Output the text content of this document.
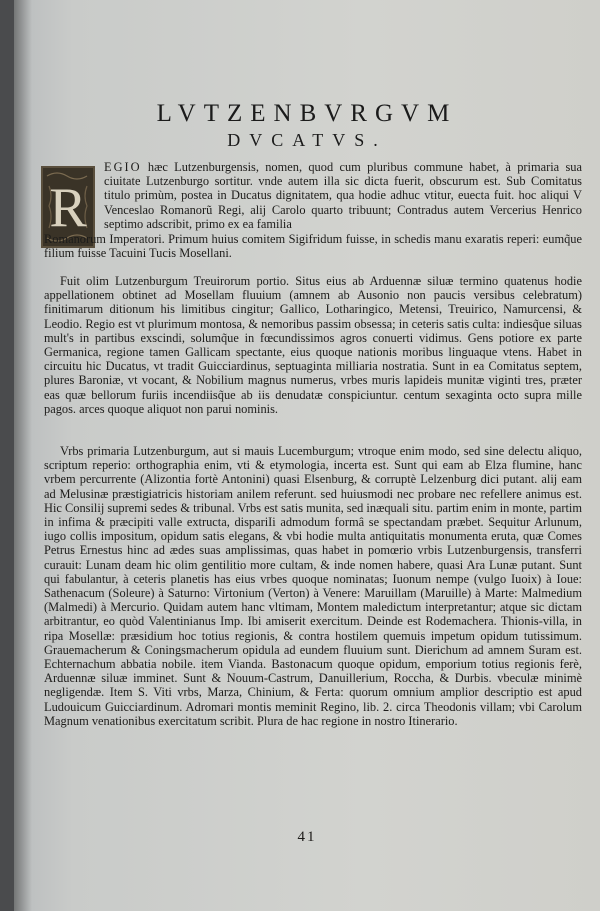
LVTZENBVRGVM
DVCATVS.
R
EGIO hæc Lutzenburgensis, nomen, quod cum pluribus commune habet, à primaria sua ciuitate Lutzenburgo sortitur. vnde autem illa sic dicta fuerit, obscurum est. Sub Comitatus titulo primùm, postea in Ducatus dignitatem, qua hodie adhuc vtitur, euecta fuit. hoc aliqui V Venceslao Romanorũ Regi, alij Carolo quarto tribuunt; Contradus autem Vercerius Henrico septimo adscribit, primo ex ea familia
Romanorum Imperatori. Primum huius comitem Sigifridum fuisse, in schedis manu exaratis reperi: eumq̃ue filium fuisse Tacuini Tucis Mosellani.
Fuit olim Lutzenburgum Treuirorum portio. Situs eius ab Arduennæ siluæ termino quatenus hodie appellationem obtinet ad Mosellam fluuium (amnem ab Ausonio non paucis versibus celebratum) finitimarum ditionum his limitibus cingitur; Gallico, Lotharingico, Metensi, Treuirico, Namurcensi, & Leodio. Regio est vt plurimum montosa, & nemoribus passim obsessa; in ceteris satis culta: indiesq̃ue siluas mult's in partibus exscindi, solumq̃ue in fœcundissimos agros conuerti vidimus. Gens potiore ex parte Germanica, regione tamen Gallicam spectante, eius quoque nationis moribus linguaque vtens. Habet in circuitu hic Ducatus, vt tradit Guicciardinus, septuaginta milliaria nostratia. Sunt in ea Comitatus septem, plures Baroniæ, vt vocant, & Nobilium magnus numerus, vrbes muris lapideis munitæ viginti tres, præter eas quæ bellorum furiis incendiisq̃ue ab iis denudatæ conspiciuntur. centum sexaginta octo supra mille pagos. arces quoque aliquot non parui nominis.
Vrbs primaria Lutzenburgum, aut si mauis Lucemburgum; vtroque enim modo, sed sine delectu aliquo, scriptum reperio: orthographia enim, vti & etymologia, incerta est. Sunt qui eam ab Elza flumine, hanc vrbem percurrente (Alizontia fortè Antonini) quasi Elsenburg, & corruptè Lelzenburg dici putant. alij eam ad Melusinæ præstigiatricis historiam anilem referunt. sed huiusmodi nec probare nec refellere animus est. Hic Consilij supremi sedes & tribunal. Vrbs est satis munita, sed inæquali situ. partim enim in monte, partim in infima & præcipiti valle extructa, dispariIi admodum formâ se spectandam præbet. Sequitur Arlunum, iugo collis impositum, opidum satis elegans, & vbi hodie multa antiquitatis monumenta eruta, quæ Comes Petrus Ernestus hinc ad ædes suas amplissimas, quas habet in pomœrio vrbis Lutzenburgensis, transferri curauit: Lunam deam hic olim gentilitio more cultam, & inde nomen habere, quasi Ara Lunæ putant. Sunt qui fabulantur, à ceteris planetis has eius vrbes quoque nominatas; Iuonum nempe (vulgo Iuoix) à Ioue: Sathenacum (Soleure) à Saturno: Virtonium (Verton) à Venere: Maruillam (Maruille) à Marte: Malmedium (Malmedi) à Mercurio. Quidam autem hanc vltimam, Montem maledictum interpretantur; atque sic dictam arbitrantur, eo quòd Valentinianus Imp. Ibi amiserit exercitum. Deinde est Rodemachera. Thionis-villa, in ripa Mosellæ: præsidium hoc totius regionis, & contra hostilem quemuis impetum opidum tutissimum. Grauemacherum & Coningsmacherum opidula ad eundem fluuium sunt. Dierichum ad amnem Suram est. Echternachum abbatia nobile. item Vianda. Bastonacum quoque opidum, emporium totius regionis ferè, Arduennæ siluæ imminet. Sunt & Nouum-Castrum, Danuillerium, Roccha, & Durbis. vbeculæ minimè negligendæ. Item S. Viti vrbs, Marza, Chinium, & Ferta: quorum omnium amplior descriptio est apud Ludouicum Guicciardinum. Adromari montis meminit Regino, lib. 2. circa Theodonis villam; vbi Carolum Magnum venationibus exercitatum scribit. Plura de hac regione in nostro Itinerario.
41
